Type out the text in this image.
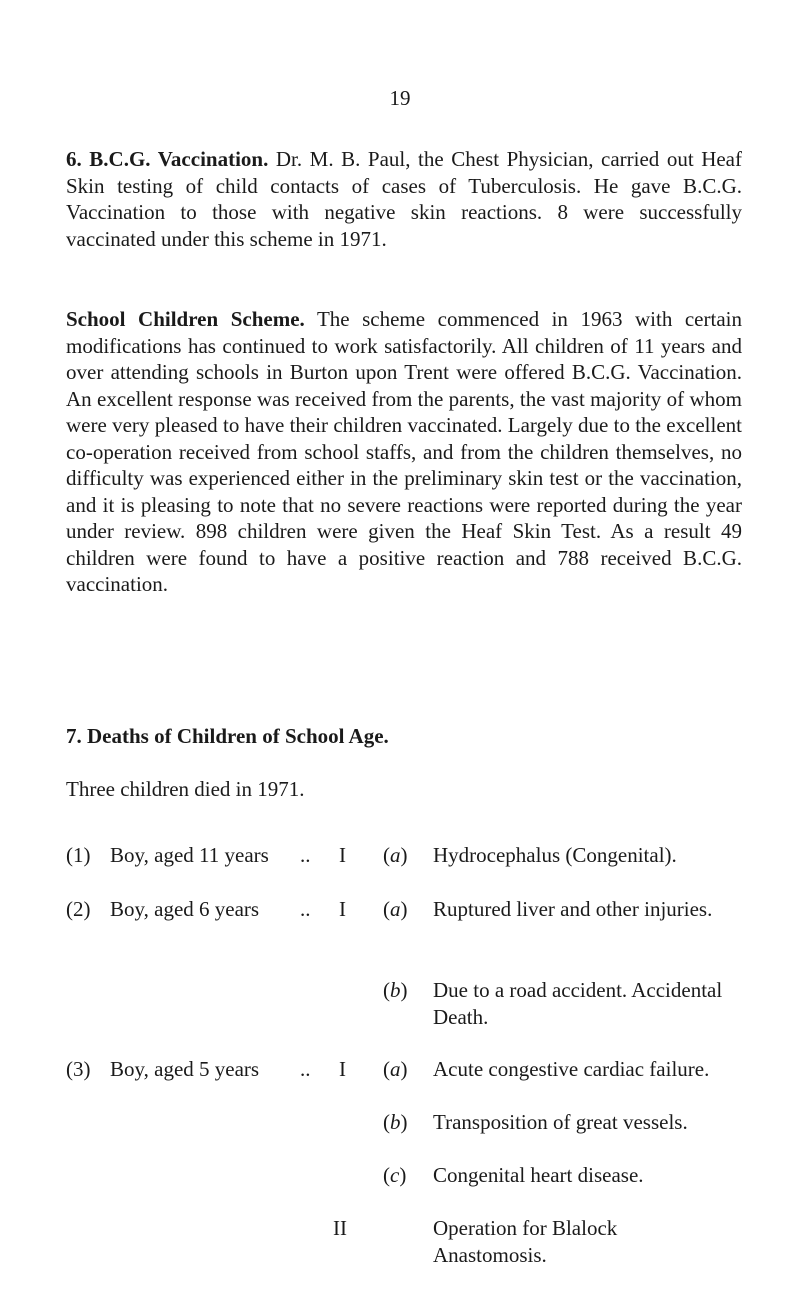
19
6. B.C.G. Vaccination. Dr. M. B. Paul, the Chest Physician, carried out Heaf Skin testing of child contacts of cases of Tuberculosis. He gave B.C.G. Vaccination to those with negative skin reactions. 8 were successfully vaccinated under this scheme in 1971.
School Children Scheme. The scheme commenced in 1963 with certain modifications has continued to work satisfactorily. All children of 11 years and over attending schools in Burton upon Trent were offered B.C.G. Vaccination. An excellent response was received from the parents, the vast majority of whom were very pleased to have their children vaccinated. Largely due to the excellent co-operation received from school staffs, and from the children themselves, no difficulty was experienced either in the preliminary skin test or the vaccination, and it is pleasing to note that no severe reactions were reported during the year under review. 898 children were given the Heaf Skin Test. As a result 49 children were found to have a positive reaction and 788 received B.C.G. vaccination.
7. Deaths of Children of School Age.
Three children died in 1971.
(1) Boy, aged 11 years .. I (a) Hydrocephalus (Congenital).
(2) Boy, aged 6 years .. I (a) Ruptured liver and other injuries.
(b) Due to a road accident. Accidental Death.
(3) Boy, aged 5 years .. I (a) Acute congestive cardiac failure.
(b) Transposition of great vessels.
(c) Congenital heart disease.
II	Operation for Blalock Anastomosis.
